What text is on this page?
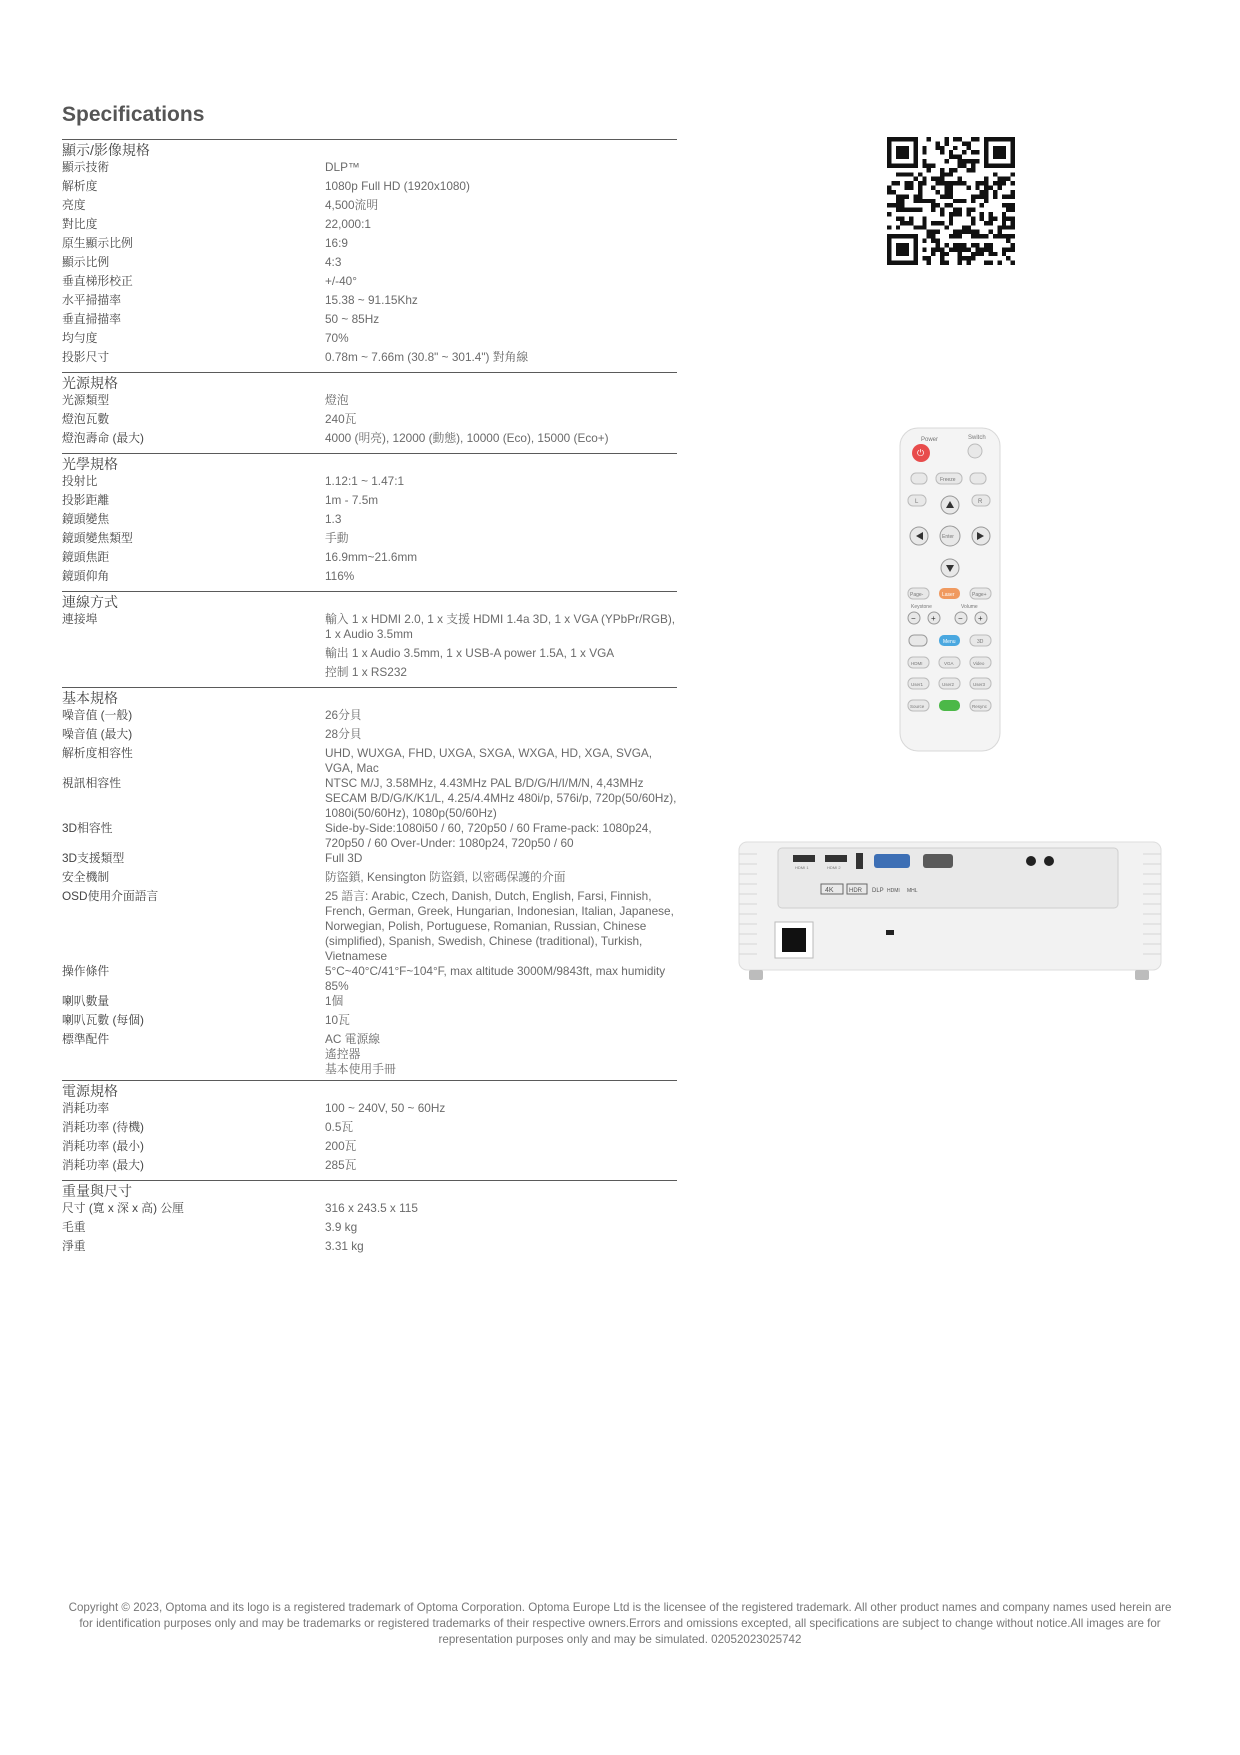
Specifications
顯示/影像規格
顯示技術	DLP™
解析度	1080p Full HD (1920x1080)
亮度	4,500流明
對比度	22,000:1
原生顯示比例	16:9
顯示比例	4:3
垂直梯形校正	+/-40°
水平掃描率	15.38 ~ 91.15Khz
垂直掃描率	50 ~ 85Hz
均勻度	70%
投影尺寸	0.78m ~ 7.66m (30.8" ~ 301.4") 對角線
光源規格
光源類型	燈泡
燈泡瓦數	240瓦
燈泡壽命 (最大)	4000 (明亮), 12000 (動態), 10000 (Eco), 15000 (Eco+)
光學規格
投射比	1.12:1 ~ 1.47:1
投影距離	1m - 7.5m
鏡頭變焦	1.3
鏡頭變焦類型	手動
鏡頭焦距	16.9mm~21.6mm
鏡頭仰角	116%
連線方式
連接埠	輸入 1 x HDMI 2.0, 1 x 支援 HDMI 1.4a 3D, 1 x VGA (YPbPr/RGB), 1 x Audio 3.5mm
輸出 1 x Audio 3.5mm, 1 x USB-A power 1.5A, 1 x VGA
控制 1 x RS232
基本規格
噪音值 (一般)	26分貝
噪音值 (最大)	28分貝
解析度相容性	UHD, WUXGA, FHD, UXGA, SXGA, WXGA, HD, XGA, SVGA, VGA, Mac
視訊相容性	NTSC M/J, 3.58MHz, 4.43MHz PAL B/D/G/H/I/M/N, 4,43MHz SECAM B/D/G/K/K1/L, 4.25/4.4MHz 480i/p, 576i/p, 720p(50/60Hz), 1080i(50/60Hz), 1080p(50/60Hz)
3D相容性	Side-by-Side:1080i50 / 60, 720p50 / 60 Frame-pack: 1080p24, 720p50 / 60 Over-Under: 1080p24, 720p50 / 60
3D支援類型	Full 3D
安全機制	防盜鎖, Kensington 防盜鎖, 以密碼保護的介面
OSD使用介面語言	25 語言: Arabic, Czech, Danish, Dutch, English, Farsi, Finnish, French, German, Greek, Hungarian, Indonesian, Italian, Japanese, Norwegian, Polish, Portuguese, Romanian, Russian, Chinese (simplified), Spanish, Swedish, Chinese (traditional), Turkish, Vietnamese
操作條件	5°C~40°C/41°F~104°F, max altitude 3000M/9843ft, max humidity 85%
喇叭數量	1個
喇叭瓦數 (每個)	10瓦
標準配件	AC 電源線
遙控器
基本使用手冊
電源規格
消耗功率	100 ~ 240V, 50 ~ 60Hz
消耗功率 (待機)	0.5瓦
消耗功率 (最小)	200瓦
消耗功率 (最大)	285瓦
重量與尺寸
尺寸 (寬 x 深 x 高) 公厘	316 x 243.5 x 115
毛重	3.9 kg
淨重	3.31 kg
Power	Switch
⏻
Freeze
L	R
Enter
Page-	Laser	Page+
Keystone	Volume
− +	− +
Menu	3D
HDMI	VGA	Video
User1	User2	User3
Source	Resync
HDMI 1	HDMI 2
4K	HDR DLP HDMI MHL
Copyright © 2023, Optoma and its logo is a registered trademark of Optoma Corporation. Optoma Europe Ltd is the licensee of the registered trademark. All other product names and company names used herein are for identification purposes only and may be trademarks or registered trademarks of their respective owners.Errors and omissions excepted, all specifications are subject to change without notice.All images are for representation purposes only and may be simulated. 02052023025742
